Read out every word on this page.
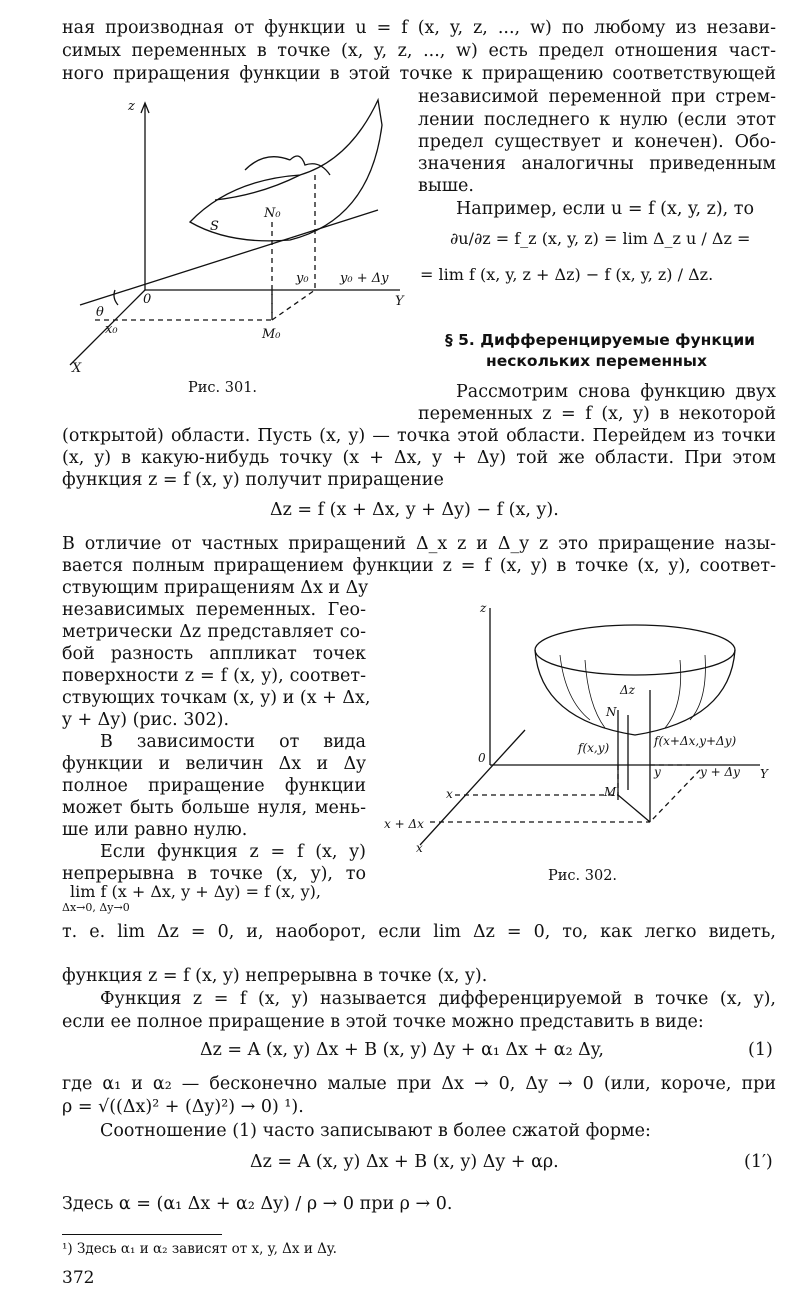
ная производная от функции u = f (x, y, z, ..., w) по любому из незави-
симых переменных в точке (x, y, z, ..., w) есть предел отношения част-
ного приращения функции в этой точке к приращению соответствующей
z
Y
X
0
x₀
y₀ y₀ + Δy
N₀
M₀
S
θ
Рис. 301.
независимой переменной при стрем-
лении последнего к нулю (если этот
предел существует и конечен). Обо-
значения аналогичны приведенным
выше.
Например, если u = f (x, y, z), то
∂u/∂z = f_z (x, y, z) = lim Δ_z u / Δz =
= lim f (x, y, z + Δz) − f (x, y, z) / Δz.
§ 5. Дифференцируемые функции
нескольких переменных
Рассмотрим снова функцию двух
переменных z = f (x, y) в некоторой
(открытой) области. Пусть (x, y) — точка этой области. Перейдем из точки
(x, y) в какую-нибудь точку (x + Δx, y + Δy) той же области. При этом
функция z = f (x, y) получит приращение
Δz = f (x + Δx, y + Δy) − f (x, y).
В отличие от частных приращений Δ_x z и Δ_y z это приращение назы-
вается полным приращением функции z = f (x, y) в точке (x, y), соответ-
ствующим приращениям Δx и Δy
независимых переменных. Гео-
метрически Δz представляет со-
бой разность аппликат точек
поверхности z = f (x, y), соответ-
ствующих точкам (x, y) и (x + Δx,
y + Δy) (рис. 302).
В зависимости от вида
функции и величин Δx и Δy
полное приращение функции
может быть больше нуля, мень-
ше или равно нулю.
Если функция z = f (x, y)
непрерывна в точке (x, y), то
lim f (x + Δx, y + Δy) = f (x, y),
Δx→0, Δy→0
z
Y
x
x + Δx
x
0
N
M
Δz
f(x,y)	f(x+Δx,y+Δy)
y	y + Δy
Рис. 302.
т. е. lim Δz = 0, и, наоборот, если lim Δz = 0, то, как легко видеть,
функция z = f (x, y) непрерывна в точке (x, y).
Функция z = f (x, y) называется дифференцируемой в точке (x, y),
если ее полное приращение в этой точке можно представить в виде:
Δz = A (x, y) Δx + B (x, y) Δy + α₁ Δx + α₂ Δy,	(1)
где α₁ и α₂ — бесконечно малые при Δx → 0, Δy → 0 (или, короче, при
ρ = √((Δx)² + (Δy)²) → 0) ¹).
Соотношение (1) часто записывают в более сжатой форме:
Δz = A (x, y) Δx + B (x, y) Δy + αρ.	(1′)
Здесь α = (α₁ Δx + α₂ Δy) / ρ → 0 при ρ → 0.
¹) Здесь α₁ и α₂ зависят от x, y, Δx и Δy.
372
